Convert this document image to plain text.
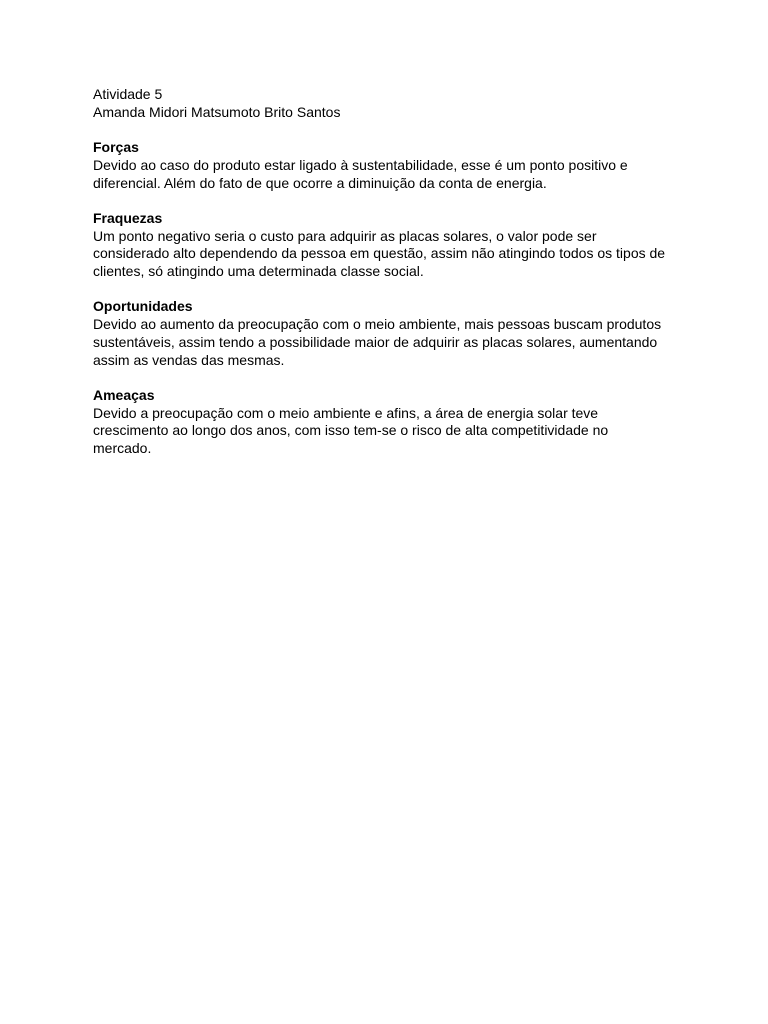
Atividade 5
Amanda Midori Matsumoto Brito Santos
Forças
Devido ao caso do produto estar ligado à sustentabilidade, esse é um ponto positivo e
diferencial. Além do fato de que ocorre a diminuição da conta de energia.
Fraquezas
Um ponto negativo seria o custo para adquirir as placas solares, o valor pode ser
considerado alto dependendo da pessoa em questão, assim não atingindo todos os tipos de
clientes, só atingindo uma determinada classe social.
Oportunidades
Devido ao aumento da preocupação com o meio ambiente, mais pessoas buscam produtos
sustentáveis, assim tendo a possibilidade maior de adquirir as placas solares, aumentando
assim as vendas das mesmas.
Ameaças
Devido a preocupação com o meio ambiente e afins, a área de energia solar teve
crescimento ao longo dos anos, com isso tem-se o risco de alta competitividade no
mercado.
